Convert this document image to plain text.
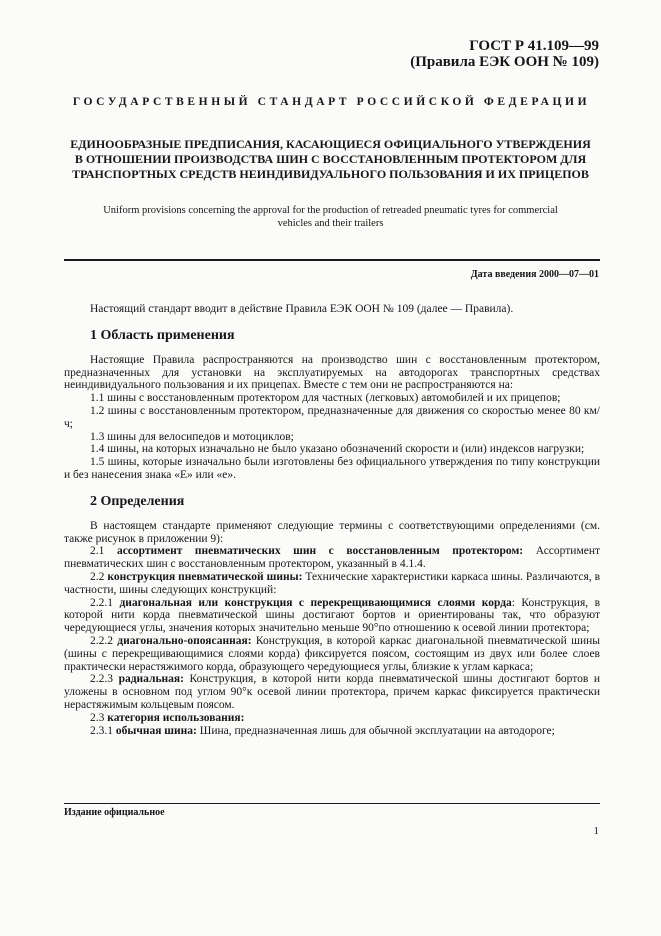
ГОСТ Р 41.109—99
(Правила ЕЭК ООН № 109)
ГОСУДАРСТВЕННЫЙ СТАНДАРТ РОССИЙСКОЙ ФЕДЕРАЦИИ
ЕДИНООБРАЗНЫЕ ПРЕДПИСАНИЯ, КАСАЮЩИЕСЯ ОФИЦИАЛЬНОГО УТВЕРЖДЕНИЯ
В ОТНОШЕНИИ ПРОИЗВОДСТВА ШИН С ВОССТАНОВЛЕННЫМ ПРОТЕКТОРОМ ДЛЯ
ТРАНСПОРТНЫХ СРЕДСТВ НЕИНДИВИДУАЛЬНОГО ПОЛЬЗОВАНИЯ И ИХ ПРИЦЕПОВ
Uniform provisions concerning the approval for the production of retreaded pneumatic tyres for commercial
vehicles and their trailers
Дата введения 2000—07—01

Настоящий стандарт вводит в действие Правила ЕЭК ООН № 109 (далее — Правила).

1 Область применения

Настоящие Правила распространяются на производство шин с восстановленным протектором, предназначенных для установки на эксплуатируемых на автодорогах транспортных средствах неиндивидуального пользования и их прицепах. Вместе с тем они не распространяются на:

1.1 шины с восстановленным протектором для частных (легковых) автомобилей и их прицепов;

1.2 шины с восстановленным протектором, предназначенные для движения со скоростью менее 80 км/ч;

1.3 шины для велосипедов и мотоциклов;

1.4 шины, на которых изначально не было указано обозначений скорости и (или) индексов нагрузки;

1.5 шины, которые изначально были изготовлены без официального утверждения по типу конструкции и без нанесения знака «Е» или «е».

2 Определения

В настоящем стандарте применяют следующие термины с соответствующими определениями (см. также рисунок в приложении 9):

2.1 ассортимент пневматических шин с восстановленным протектором: Ассортимент пневматических шин с восстановленным протектором, указанный в 4.1.4.

2.2 конструкция пневматической шины: Технические характеристики каркаса шины. Различаются, в частности, шины следующих конструкций:

2.2.1 диагональная или конструкция с перекрещивающимися слоями корда: Конструкция, в которой нити корда пневматической шины достигают бортов и ориентированы так, что образуют чередующиеся углы, значения которых значительно меньше 90°по отношению к осевой линии протектора;

2.2.2 диагонально-опоясанная: Конструкция, в которой каркас диагональной пневматической шины (шины с перекрещивающимися слоями корда) фиксируется поясом, состоящим из двух или более слоев практически нерастяжимого корда, образующего чередующиеся углы, близкие к углам каркаса;

2.2.3 радиальная: Конструкция, в которой нити корда пневматической шины достигают бортов и уложены в основном под углом 90°к осевой линии протектора, причем каркас фиксируется практически нерастяжимым кольцевым поясом.

2.3 категория использования:

2.3.1 обычная шина: Шина, предназначенная лишь для обычной эксплуатации на автодороге;

Издание официальное
1
